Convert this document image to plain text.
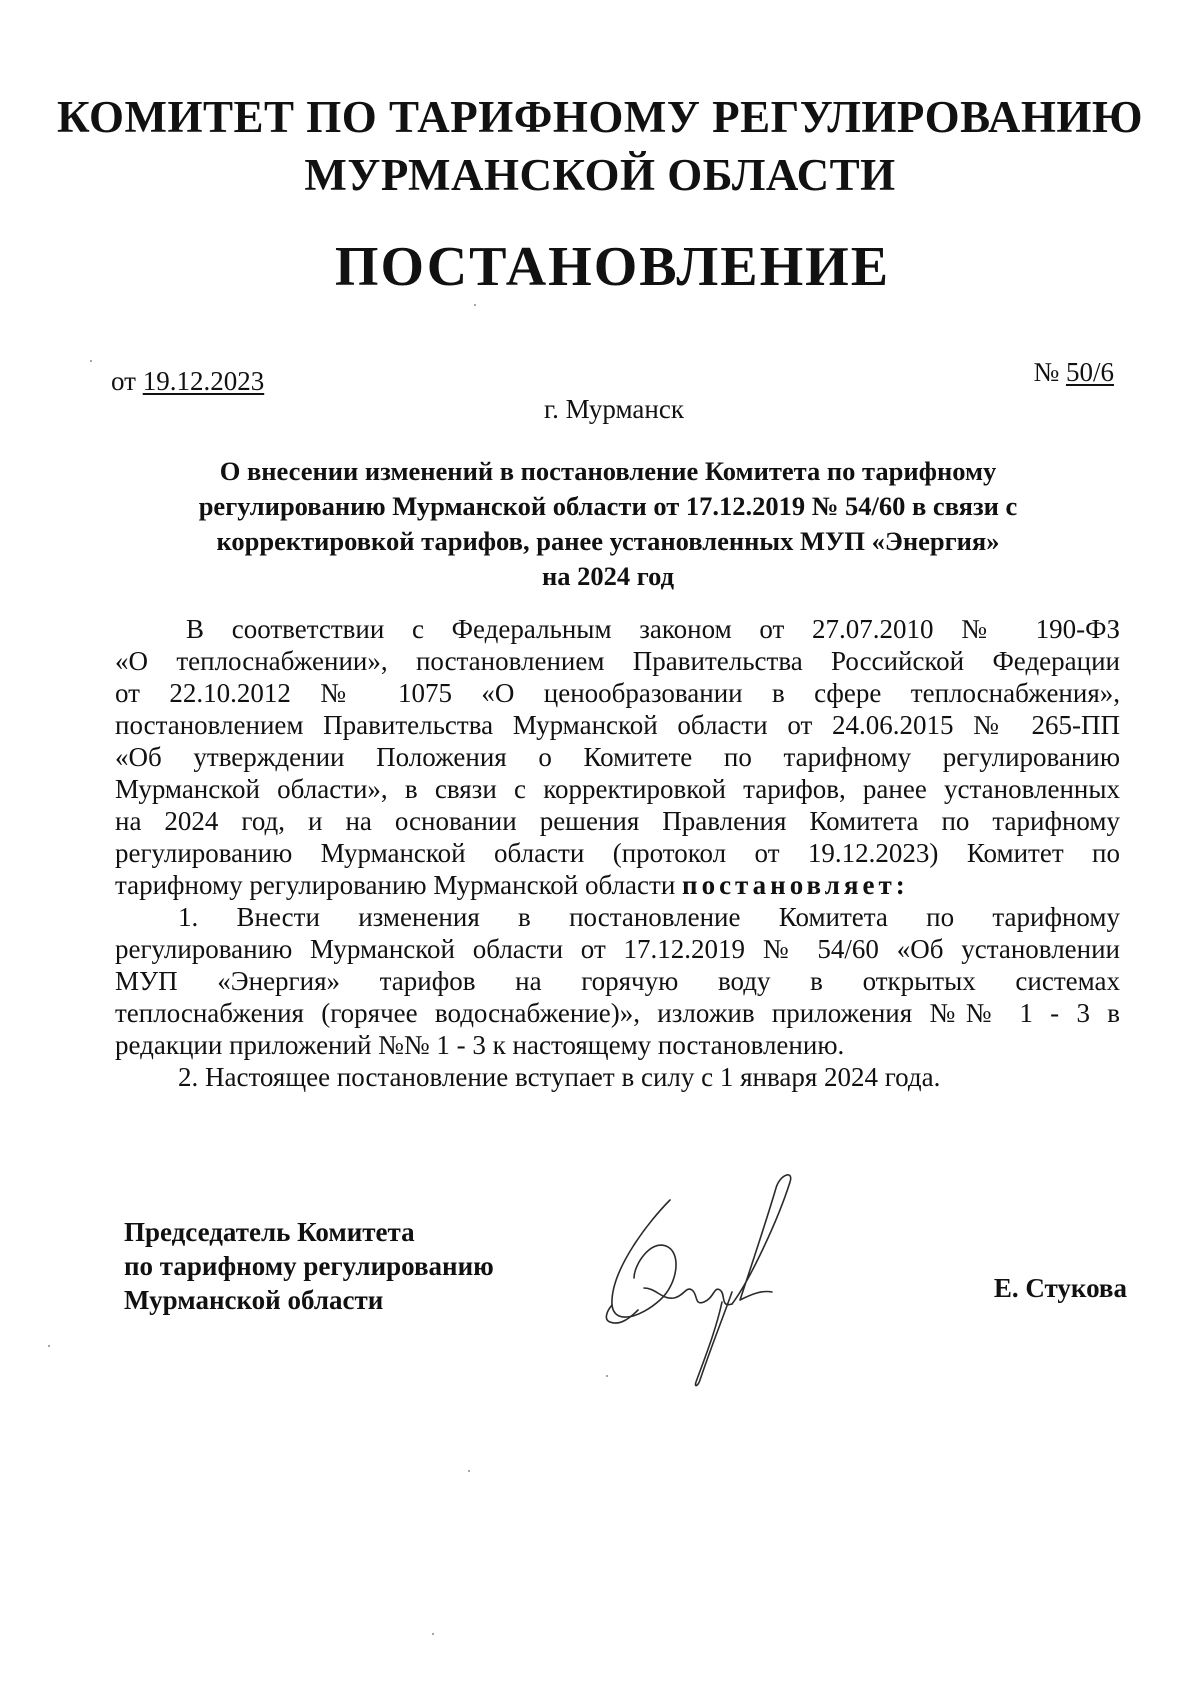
КОМИТЕТ ПО ТАРИФНОМУ РЕГУЛИРОВАНИЮ
МУРМАНСКОЙ ОБЛАСТИ
ПОСТАНОВЛЕНИЕ
от 19.12.2023	№ 50/6
г. Мурманск
О внесении изменений в постановление Комитета по тарифному
регулированию Мурманской области от 17.12.2019 № 54/60 в связи с
корректировкой тарифов, ранее установленных МУП «Энергия»
на 2024 год
В соответствии с Федеральным законом от 27.07.2010 № 190-ФЗ
«О теплоснабжении», постановлением Правительства Российской Федерации
от 22.10.2012 № 1075 «О ценообразовании в сфере теплоснабжения»,
постановлением Правительства Мурманской области от 24.06.2015 № 265-ПП
«Об утверждении Положения о Комитете по тарифному регулированию
Мурманской области», в связи с корректировкой тарифов, ранее установленных
на 2024 год, и на основании решения Правления Комитета по тарифному
регулированию Мурманской области (протокол от 19.12.2023) Комитет по
тарифному регулированию Мурманской области постановляет:
1. Внести изменения в постановление Комитета по тарифному
регулированию Мурманской области от 17.12.2019 № 54/60 «Об установлении
МУП «Энергия» тарифов на горячую воду в открытых системах
теплоснабжения (горячее водоснабжение)», изложив приложения №№ 1 - 3 в
редакции приложений №№ 1 - 3 к настоящему постановлению.
2. Настоящее постановление вступает в силу с 1 января 2024 года.
Председатель Комитета
по тарифному регулированию
Мурманской области	Е. Стукова
